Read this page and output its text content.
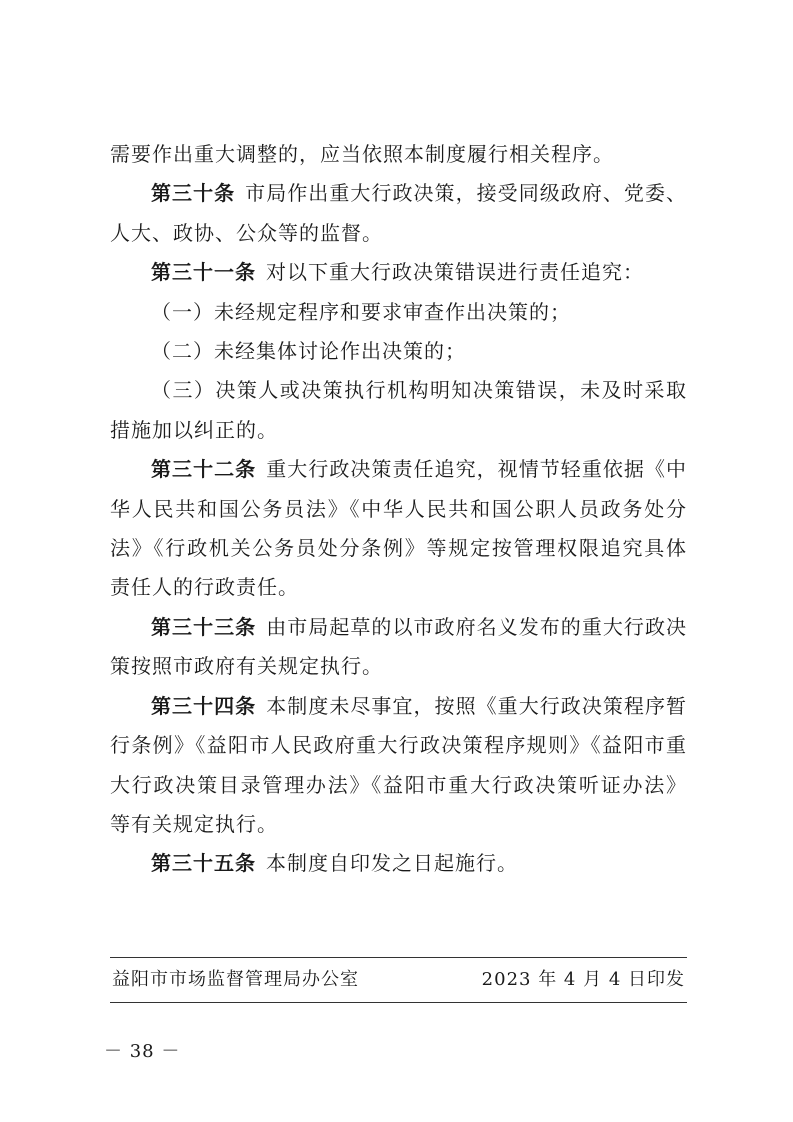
需要作出重大调整的，应当依照本制度履行相关程序。

第三十条 市局作出重大行政决策，接受同级政府、党委、人大、政协、公众等的监督。

第三十一条 对以下重大行政决策错误进行责任追究：

（一）未经规定程序和要求审查作出决策的；

（二）未经集体讨论作出决策的；

（三）决策人或决策执行机构明知决策错误，未及时采取措施加以纠正的。

第三十二条 重大行政决策责任追究，视情节轻重依据《中华人民共和国公务员法》《中华人民共和国公职人员政务处分法》《行政机关公务员处分条例》等规定按管理权限追究具体责任人的行政责任。

第三十三条 由市局起草的以市政府名义发布的重大行政决策按照市政府有关规定执行。

第三十四条 本制度未尽事宜，按照《重大行政决策程序暂行条例》《益阳市人民政府重大行政决策程序规则》《益阳市重大行政决策目录管理办法》《益阳市重大行政决策听证办法》等有关规定执行。

第三十五条 本制度自印发之日起施行。

益阳市市场监督管理局办公室	2023 年 4 月 4 日印发
－ 38 －
